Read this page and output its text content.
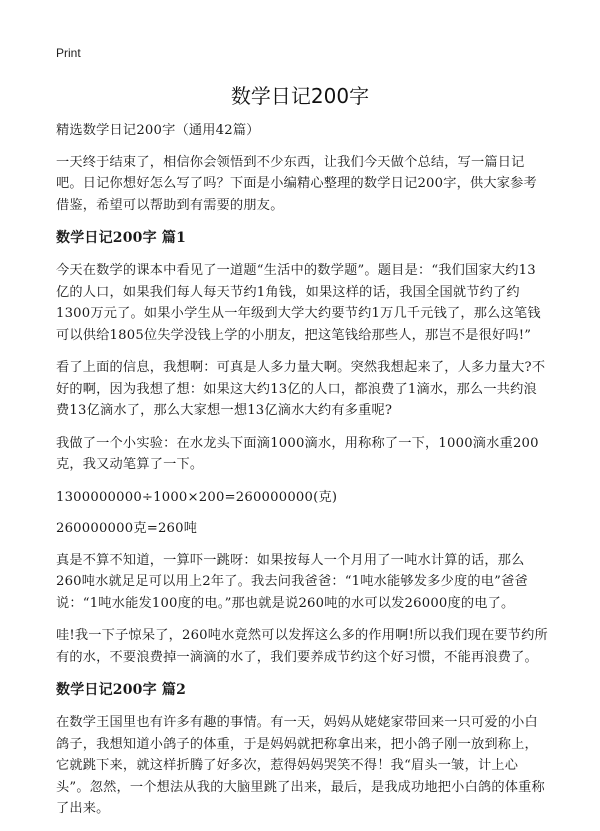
Print
数学日记200字

精选数学日记200字（通用42篇）

一天终于结束了，相信你会领悟到不少东西，让我们今天做个总结，写一篇日记吧。日记你想好怎么写了吗？下面是小编精心整理的数学日记200字，供大家参考借鉴，希望可以帮助到有需要的朋友。

数学日记200字 篇1

今天在数学的课本中看见了一道题“生活中的数学题”。题目是：“我们国家大约13亿的人口，如果我们每人每天节约1角钱，如果这样的话，我国全国就节约了约1300万元了。如果小学生从一年级到大学大约要节约1万几千元钱了，那么这笔钱可以供给1805位失学没钱上学的小朋友，把这笔钱给那些人，那岂不是很好吗!”

看了上面的信息，我想啊：可真是人多力量大啊。突然我想起来了，人多力量大?不好的啊，因为我想了想：如果这大约13亿的人口，都浪费了1滴水，那么一共约浪费13亿滴水了，那么大家想一想13亿滴水大约有多重呢?

我做了一个小实验：在水龙头下面滴1000滴水，用称称了一下，1000滴水重200克，我又动笔算了一下。

1300000000÷1000×200=260000000(克)

260000000克=260吨

真是不算不知道，一算吓一跳呀：如果按每人一个月用了一吨水计算的话，那么260吨水就足足可以用上2年了。我去问我爸爸：“1吨水能够发多少度的电”爸爸说：“1吨水能发100度的电。”那也就是说260吨的水可以发26000度的电了。

哇!我一下子惊呆了，260吨水竟然可以发挥这么多的作用啊!所以我们现在要节约所有的水，不要浪费掉一滴滴的水了，我们要养成节约这个好习惯，不能再浪费了。

数学日记200字 篇2

在数学王国里也有许多有趣的事情。有一天，妈妈从姥姥家带回来一只可爱的小白鸽子，我想知道小鸽子的体重，于是妈妈就把称拿出来，把小鸽子刚一放到称上，它就跳下来，就这样折腾了好多次，惹得妈妈哭笑不得！我“眉头一皱，计上心头”。忽然，一个想法从我的大脑里跳了出来，最后，是我成功地把小白鸽的体重称了出来。
